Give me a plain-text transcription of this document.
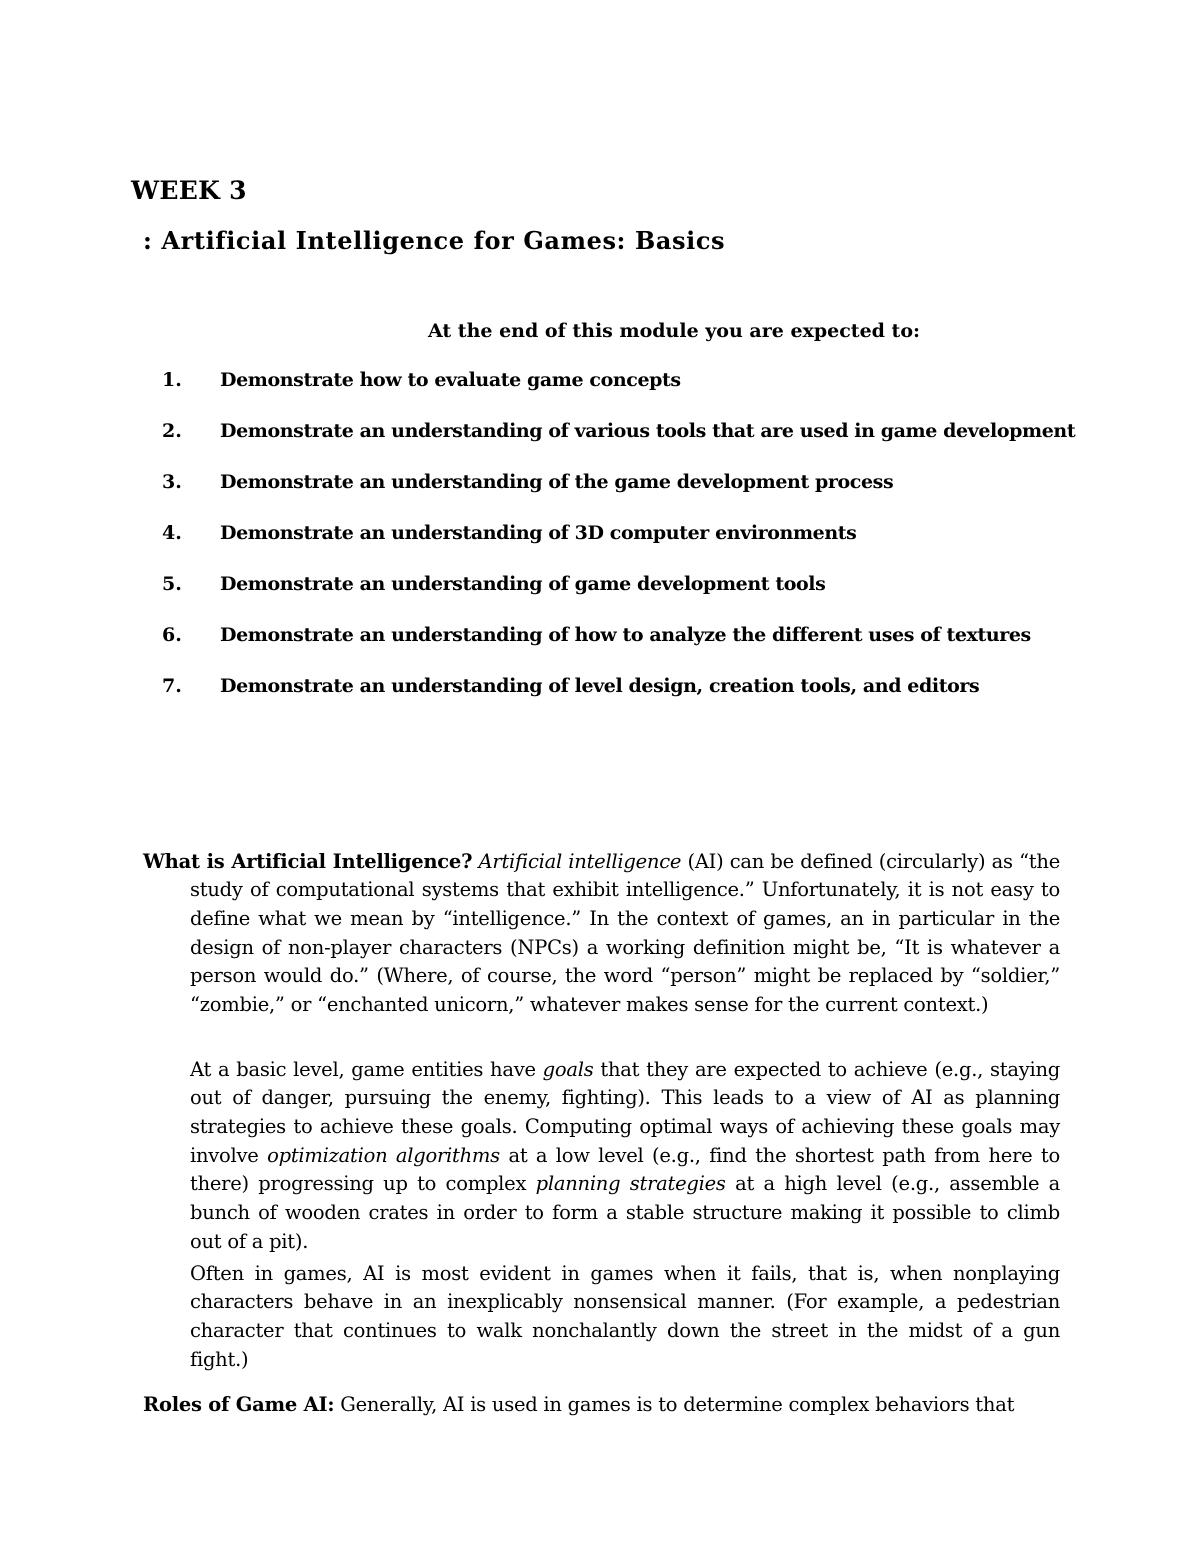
WEEK 3
: Artificial Intelligence for Games: Basics
At the end of this module you are expected to:
1. Demonstrate how to evaluate game concepts
2. Demonstrate an understanding of various tools that are used in game development
3. Demonstrate an understanding of the game development process
4. Demonstrate an understanding of 3D computer environments
5. Demonstrate an understanding of game development tools
6. Demonstrate an understanding of how to analyze the different uses of textures
7. Demonstrate an understanding of level design, creation tools, and editors

What is Artificial Intelligence? Artificial intelligence (AI) can be defined (circularly) as “the study of computational systems that exhibit intelligence.” Unfortunately, it is not easy to define what we mean by “intelligence.” In the context of games, an in particular in the design of non-player characters (NPCs) a working definition might be, “It is whatever a person would do.” (Where, of course, the word “person” might be replaced by “soldier,” “zombie,” or “enchanted unicorn,” whatever makes sense for the current context.)

At a basic level, game entities have goals that they are expected to achieve (e.g., staying out of danger, pursuing the enemy, fighting). This leads to a view of AI as planning strategies to achieve these goals. Computing optimal ways of achieving these goals may involve optimization algorithms at a low level (e.g., find the shortest path from here to there) progressing up to complex planning strategies at a high level (e.g., assemble a bunch of wooden crates in order to form a stable structure making it possible to climb out of a pit).

Often in games, AI is most evident in games when it fails, that is, when nonplaying characters behave in an inexplicably nonsensical manner. (For example, a pedestrian character that continues to walk nonchalantly down the street in the midst of a gun fight.)

Roles of Game AI: Generally, AI is used in games is to determine complex behaviors that
